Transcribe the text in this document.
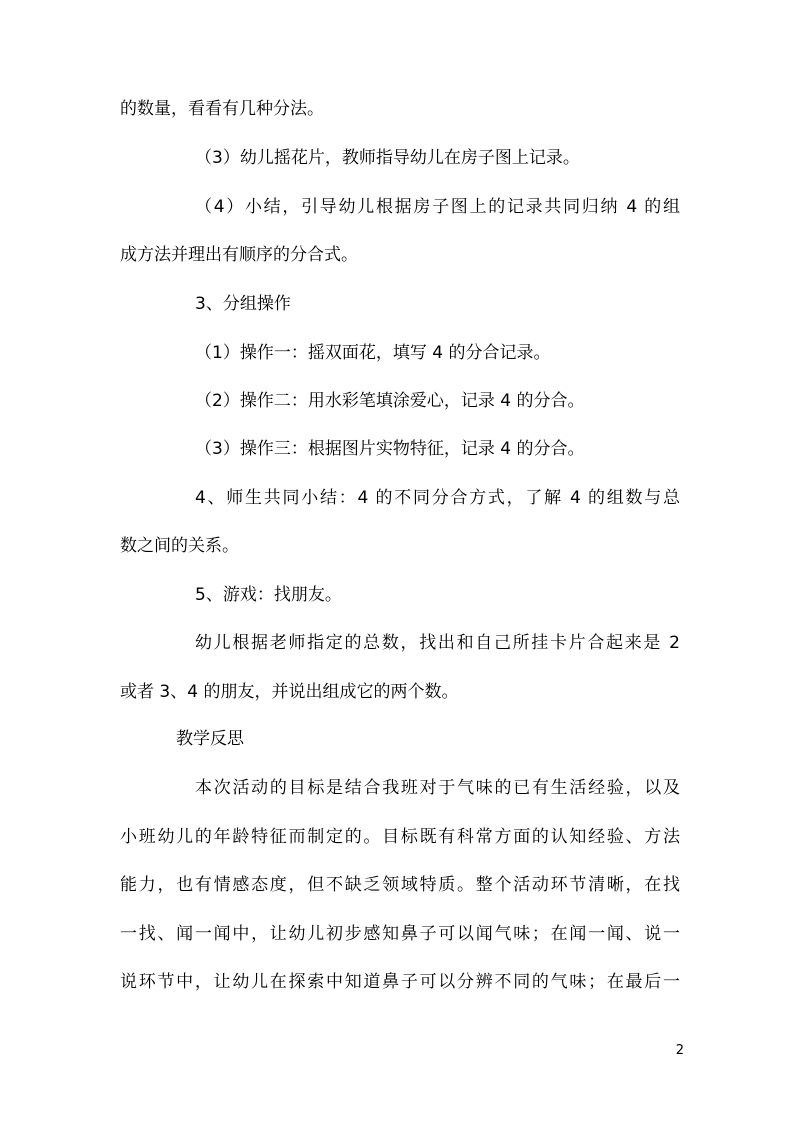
的数量，看看有几种分法。
（3）幼儿摇花片，教师指导幼儿在房子图上记录。
（4）小结，引导幼儿根据房子图上的记录共同归纳 4 的组
成方法并理出有顺序的分合式。
3、分组操作
（1）操作一：摇双面花，填写 4 的分合记录。
（2）操作二：用水彩笔填涂爱心，记录 4 的分合。
（3）操作三：根据图片实物特征，记录 4 的分合。
4、师生共同小结：4 的不同分合方式，了解 4 的组数与总
数之间的关系。
5、游戏：找朋友。
幼儿根据老师指定的总数，找出和自己所挂卡片合起来是 2
或者 3、4 的朋友，并说出组成它的两个数。
教学反思
本次活动的目标是结合我班对于气味的已有生活经验，以及
小班幼儿的年龄特征而制定的。目标既有科常方面的认知经验、方法
能力，也有情感态度，但不缺乏领域特质。整个活动环节清晰，在找
一找、闻一闻中，让幼儿初步感知鼻子可以闻气味；在闻一闻、说一
说环节中，让幼儿在探索中知道鼻子可以分辨不同的气味；在最后一
2
